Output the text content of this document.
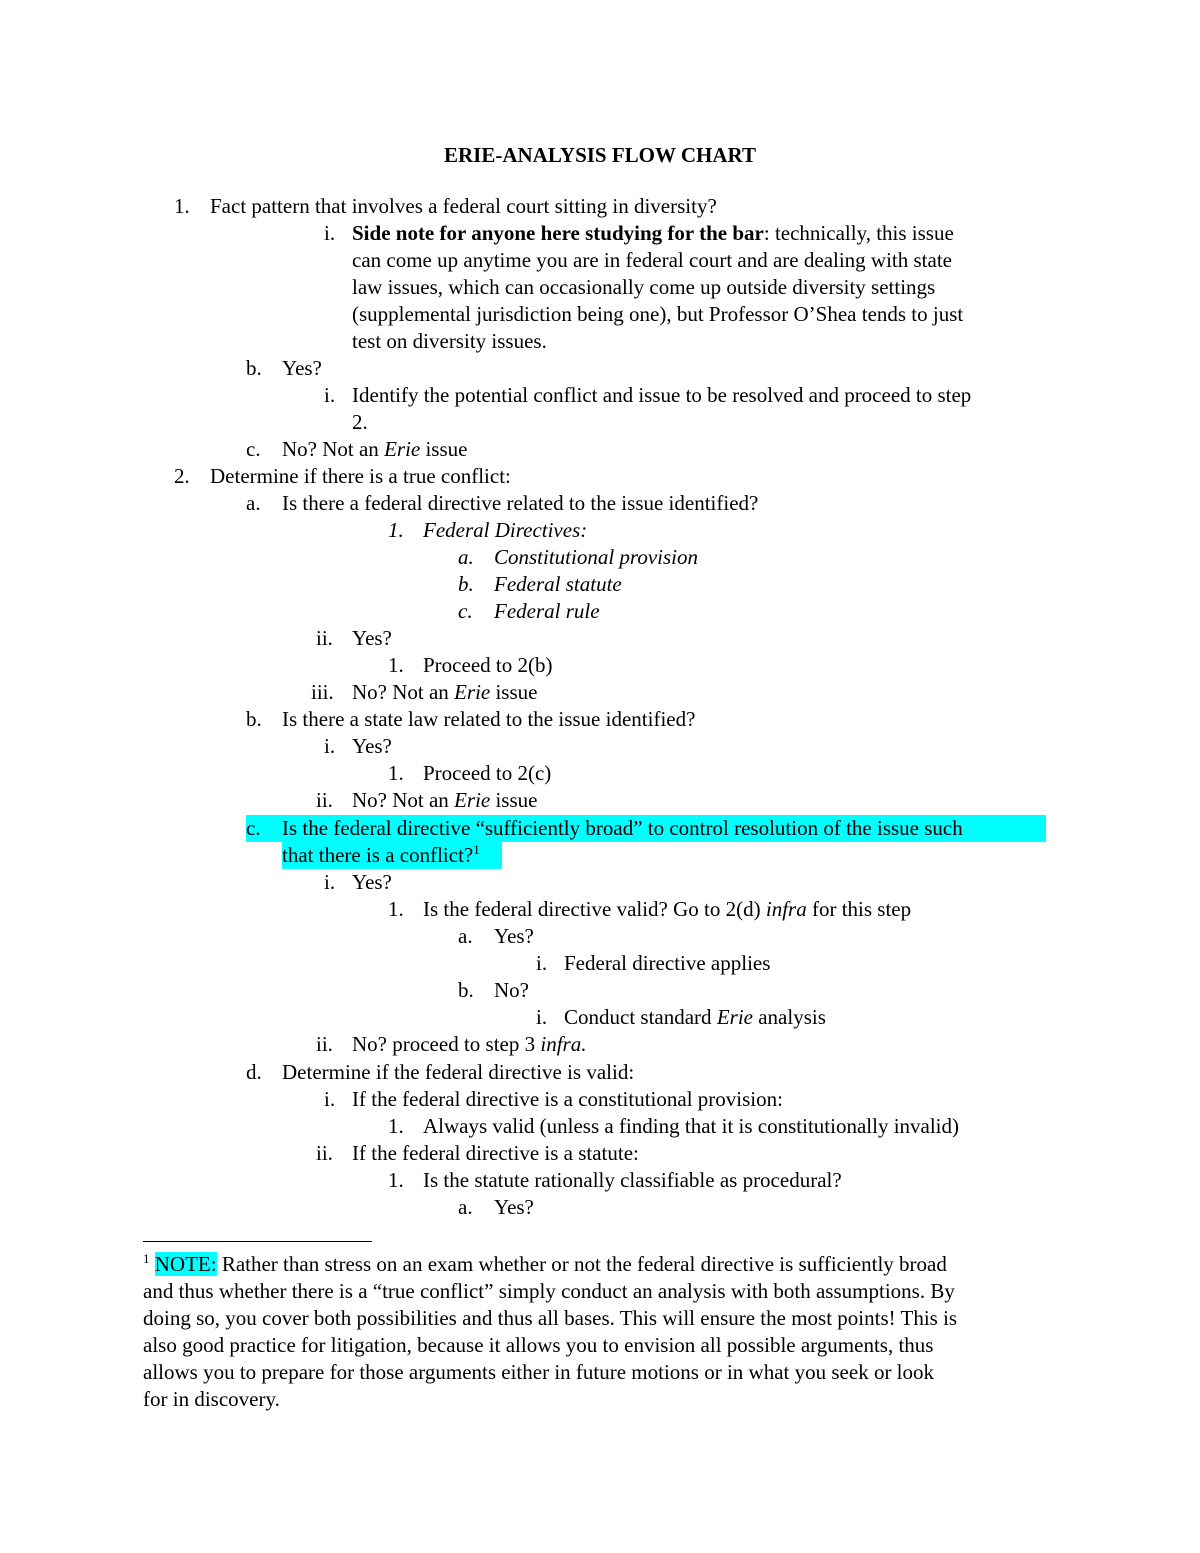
ERIE-ANALYSIS FLOW CHART
1. Fact pattern that involves a federal court sitting in diversity?
i. Side note for anyone here studying for the bar: technically, this issue
can come up anytime you are in federal court and are dealing with state
law issues, which can occasionally come up outside diversity settings
(supplemental jurisdiction being one), but Professor O’Shea tends to just
test on diversity issues.
b. Yes?
i. Identify the potential conflict and issue to be resolved and proceed to step
2.
c. No? Not an Erie issue
2. Determine if there is a true conflict:
a. Is there a federal directive related to the issue identified?
1. Federal Directives:
a. Constitutional provision
b. Federal statute
c. Federal rule
ii. Yes?
1. Proceed to 2(b)
iii. No? Not an Erie issue
b. Is there a state law related to the issue identified?
i. Yes?
1. Proceed to 2(c)
ii. No? Not an Erie issue
c. Is the federal directive “sufficiently broad” to control resolution of the issue such
that there is a conflict?$^1$
i. Yes?
1. Is the federal directive valid? Go to 2(d) infra for this step
a. Yes?
i. Federal directive applies
b. No?
i. Conduct standard Erie analysis
ii. No? proceed to step 3 infra.
d. Determine if the federal directive is valid:
i. If the federal directive is a constitutional provision:
1. Always valid (unless a finding that it is constitutionally invalid)
ii. If the federal directive is a statute:
1. Is the statute rationally classifiable as procedural?
a. Yes?
$^1$ NOTE: Rather than stress on an exam whether or not the federal directive is sufficiently broad
and thus whether there is a “true conflict” simply conduct an analysis with both assumptions. By
doing so, you cover both possibilities and thus all bases. This will ensure the most points! This is
also good practice for litigation, because it allows you to envision all possible arguments, thus
allows you to prepare for those arguments either in future motions or in what you seek or look
for in discovery.
